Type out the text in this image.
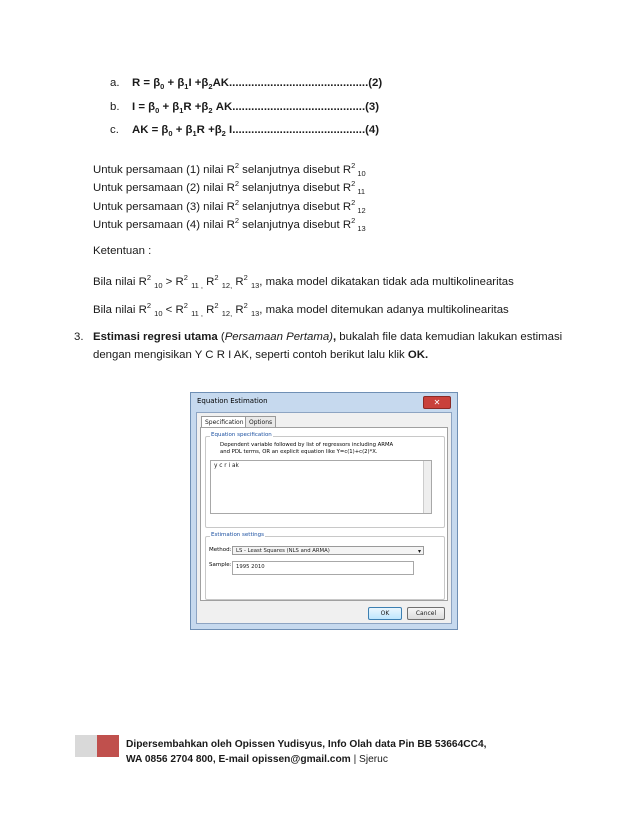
a. $R = \beta_0 + \beta_1I +\beta_2AK............................................(2)$
b. $I = \beta_0 + \beta_1R +\beta_2$ AK..........................................(3)
c. AK = $\beta_0 + \beta_1R +\beta_2$ I..........................................(4)
Untuk persamaan (1) nilai $R^2$ selanjutnya disebut $R^2$ $_{10}$
Untuk persamaan (2) nilai $R^2$ selanjutnya disebut $R^2$ $_{11}$
Untuk persamaan (3) nilai $R^2$ selanjutnya disebut $R^2$ $_{12}$
Untuk persamaan (4) nilai $R^2$ selanjutnya disebut $R^2$ $_{13}$
Ketentuan :
Bila nilai $R^2$ $_{10} > R^2$ $_{11 ,}$ $R^2$ $_{12,}$ $R^2$ $_{13}$, maka model dikatakan tidak ada multikolinearitas
Bila nilai $R^2$ $_{10} < R^2$ $_{11 ,}$ $R^2$ $_{12,}$ $R^2$ $_{13}$, maka model ditemukan adanya multikolinearitas
3. Estimasi regresi utama (Persamaan Pertama), bukalah file data kemudian lakukan estimasi
dengan mengisikan Y C R I AK, seperti contoh berikut lalu klik OK.
Equation Estimation	✕
Specification Options
Equation specification
Dependent variable followed by list of regressors including ARMA
and PDL terms, OR an explicit equation like Y=c(1)+c(2)*X.
y c r i ak
Estimation settings
Method: LS - Least Squares (NLS and ARMA)	▾
Sample: 1995 2010
OK	Cancel
Dipersembahkan oleh Opissen Yudisyus, Info Olah data Pin BB 53664CC4,
WA 0856 2704 800, E-mail opissen@gmail.com | Sjeruc
